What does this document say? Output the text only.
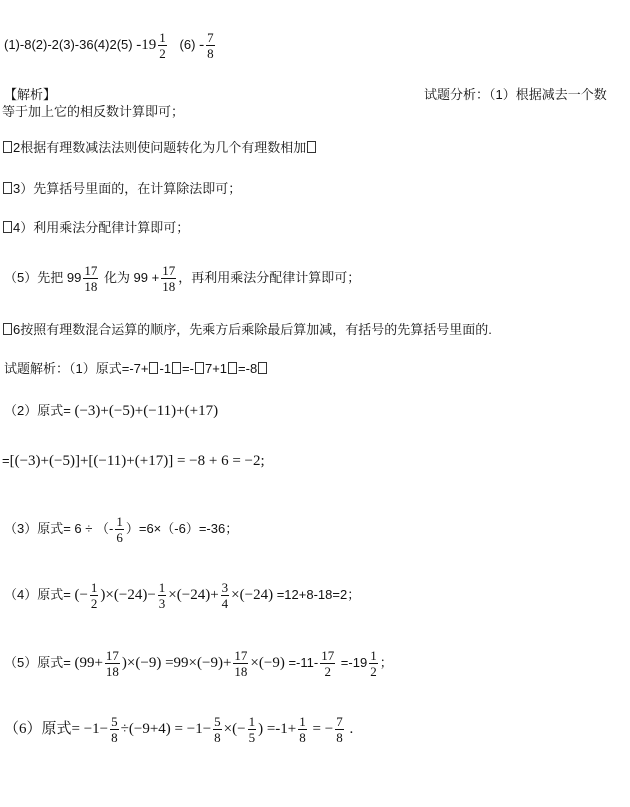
(1)-8(2)-2(3)-36(4)2(5) $-19 \frac{1}{2} (6) - \frac{7}{8}$
【解析】	试题分析：（1）根据减去一个数
等于加上它的相反数计算即可；
2根据有理数减法法则使问题转化为几个有理数相加
3）先算括号里面的，在计算除法即可；
4）利用乘法分配律计算即可；
（5）先把 $99 \frac{17}{18}$ 化为 $99 + \frac{17}{18}$ ，再利用乘法分配律计算即可；
6按照有理数混合运算的顺序，先乘方后乘除最后算加减，有括号的先算括号里面的.
试题解析：（1）原式=-7+ -1 =- 7+1 =-8
（2）原式= (−3)+(−5)+(−11)+(+17)
=[(−3)+(−5)]+[(−11)+(+17)] = −8 + 6 = −2;
（3）原式= 6 ÷ （- $\frac{1}{6} )=6\times(-6)=-36$；
（4）原式= (− $\frac{1}{2} )\times(-24)- \frac{1}{3} \times(-24)+ \frac{3}{4} \times(-24) =12+8-18=2$；
（5）原式= $(99+ \frac{17}{18} )\times(-9) =99\times(-9)+ \frac{17}{18} \times(-9) =-11- \frac{17}{2} =-19 \frac{1}{2}$ ；
（6）原式= $-1- \frac{5}{8} \div(-9+4) = -1- \frac{5}{8}$ ×(− $\frac{1}{5}$ ) $=-1+ \frac{1}{8}$ = − $\frac{7}{8}$ .
